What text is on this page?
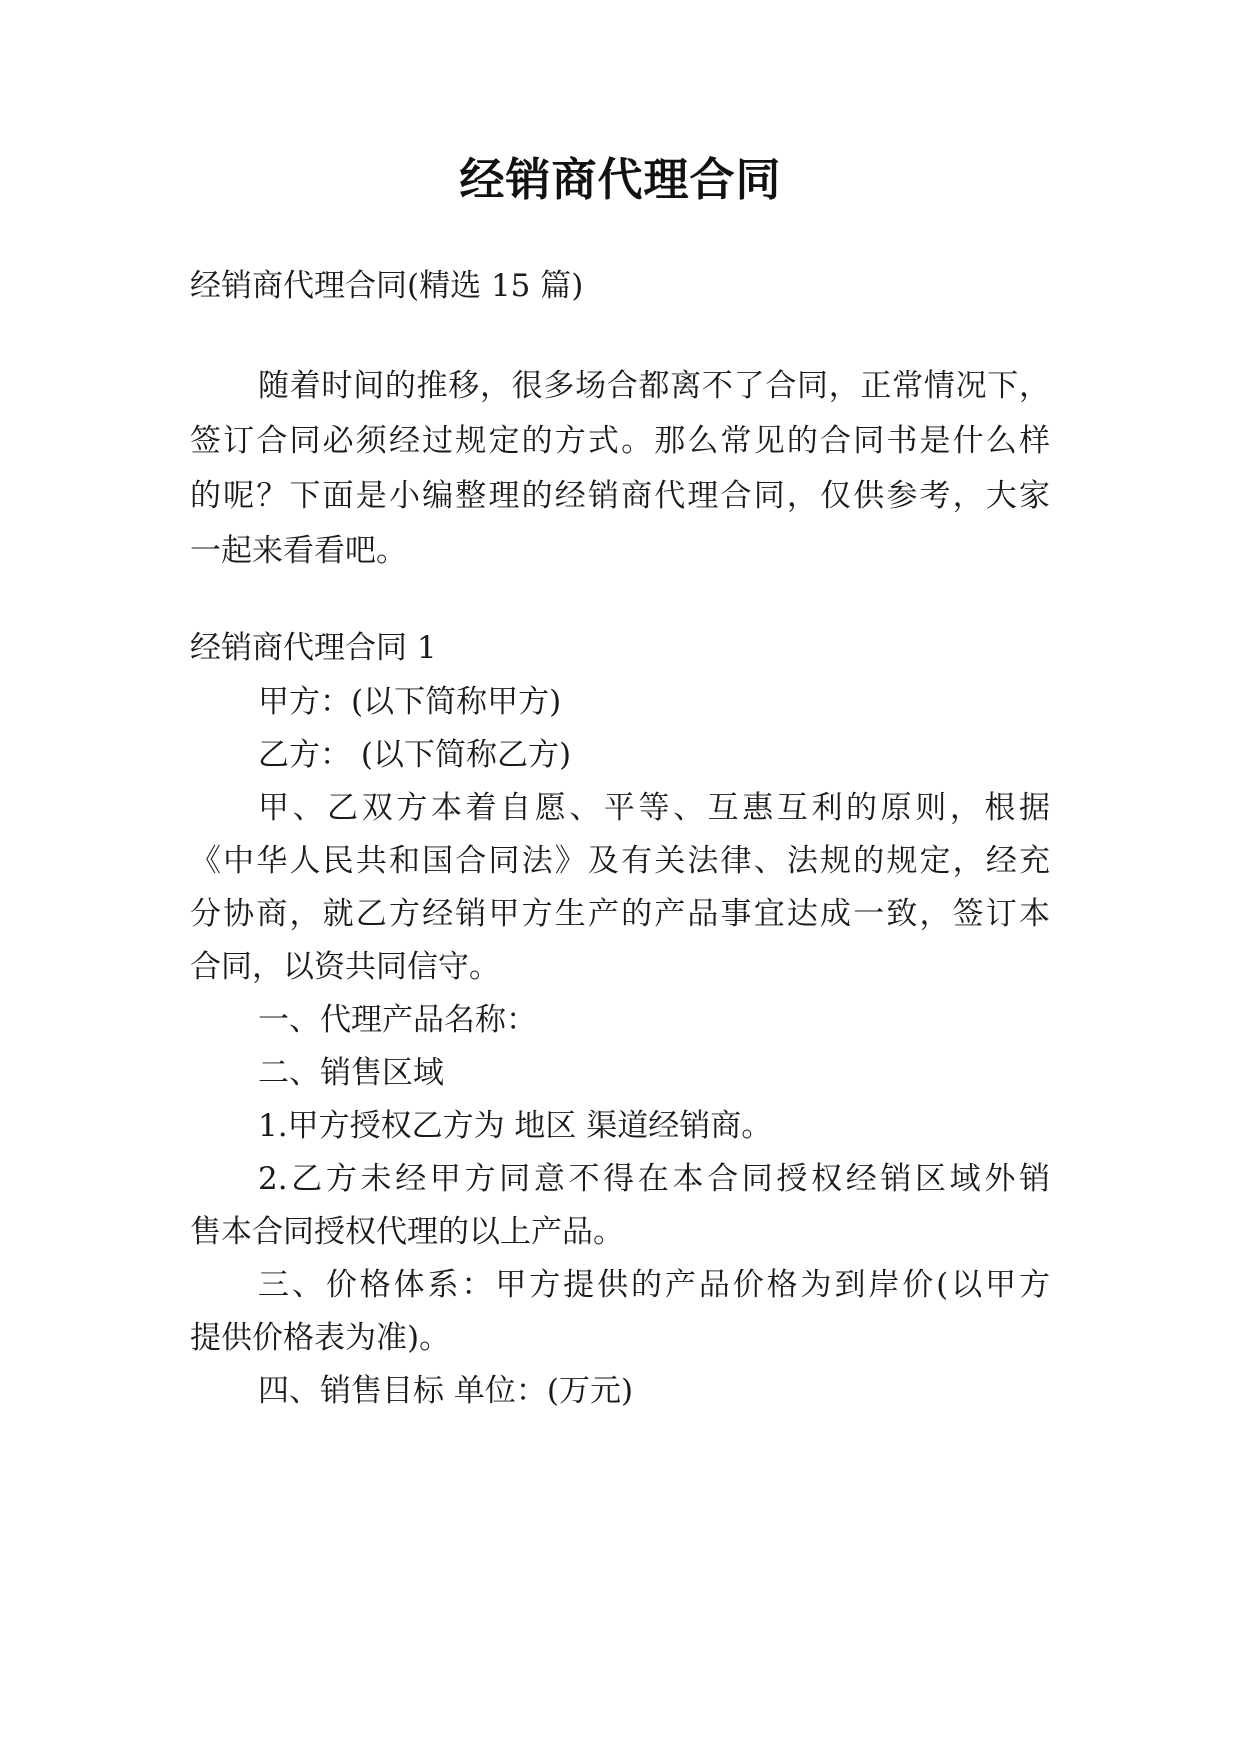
经销商代理合同
经销商代理合同(精选 15 篇)
随着时间的推移，很多场合都离不了合同，正常情况下，
签订合同必须经过规定的方式。那么常见的合同书是什么样
的呢？下面是小编整理的经销商代理合同，仅供参考，大家
一起来看看吧。
经销商代理合同 1
甲方：(以下简称甲方)
乙方： (以下简称乙方)
甲、乙双方本着自愿、平等、互惠互利的原则，根据
《中华人民共和国合同法》及有关法律、法规的规定，经充
分协商，就乙方经销甲方生产的产品事宜达成一致，签订本
合同，以资共同信守。
一、代理产品名称：
二、销售区域
1.甲方授权乙方为 地区 渠道经销商。
2.乙方未经甲方同意不得在本合同授权经销区域外销
售本合同授权代理的以上产品。
三、价格体系：甲方提供的产品价格为到岸价(以甲方
提供价格表为准)。
四、销售目标 单位：(万元)
